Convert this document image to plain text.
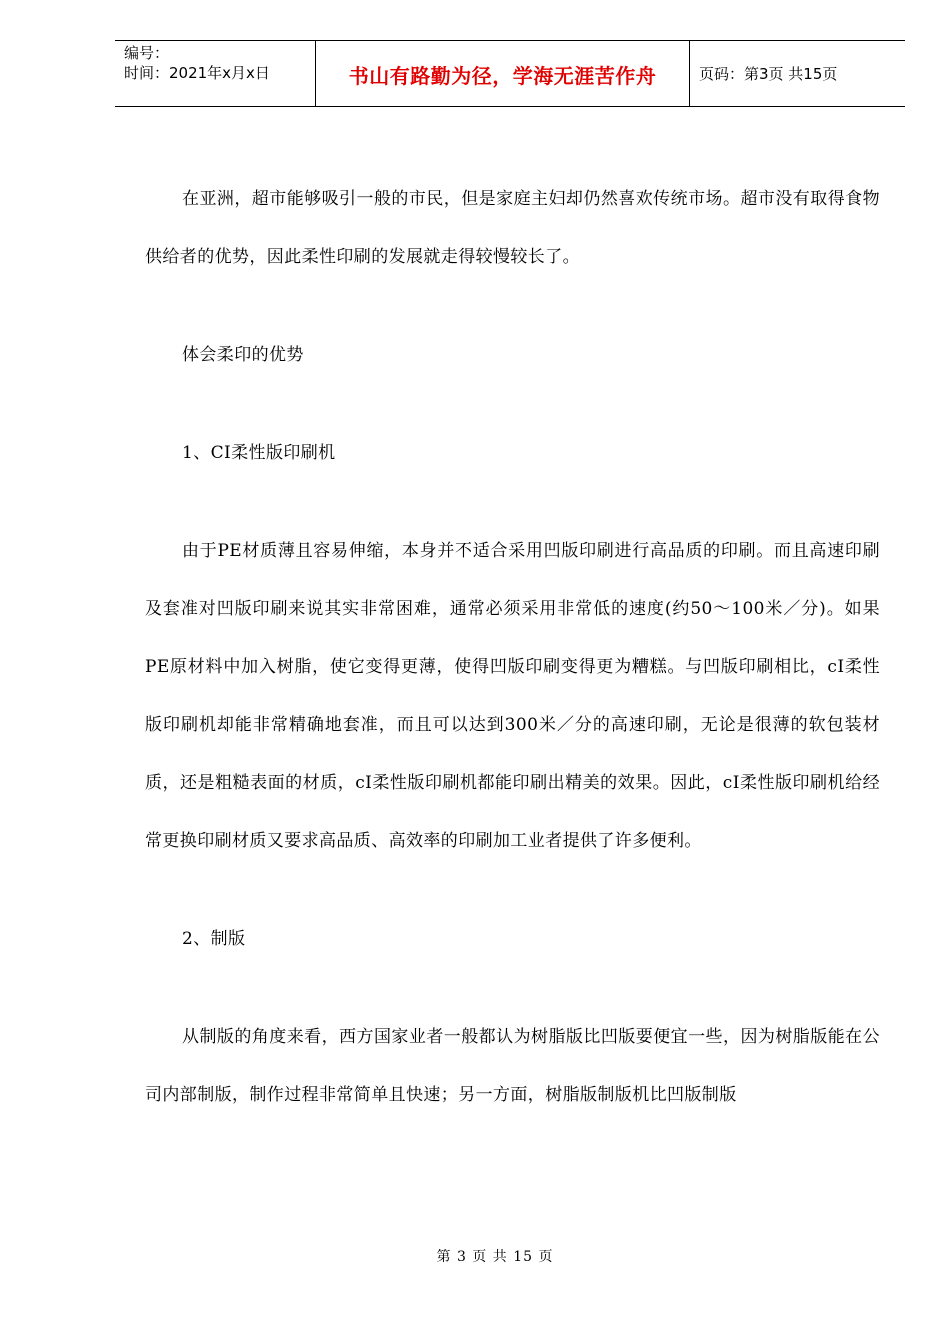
编号：
时间：2021年x月x日	书山有路勤为径，学海无涯苦作舟	页码：第3页 共15页

在亚洲，超市能够吸引一般的市民，但是家庭主妇却仍然喜欢传统市场。超市没有取得食物供给者的优势，因此柔性印刷的发展就走得较慢较长了。

体会柔印的优势

1、CI柔性版印刷机

由于PE材质薄且容易伸缩，本身并不适合采用凹版印刷进行高品质的印刷。而且高速印刷及套准对凹版印刷来说其实非常困难，通常必须采用非常低的速度(约50～100米／分)。如果PE原材料中加入树脂，使它变得更薄，使得凹版印刷变得更为糟糕。与凹版印刷相比，cI柔性版印刷机却能非常精确地套准，而且可以达到300米／分的高速印刷，无论是很薄的软包装材质，还是粗糙表面的材质，cI柔性版印刷机都能印刷出精美的效果。因此，cI柔性版印刷机给经常更换印刷材质又要求高品质、高效率的印刷加工业者提供了许多便利。

2、制版

从制版的角度来看，西方国家业者一般都认为树脂版比凹版要便宜一些，因为树脂版能在公司内部制版，制作过程非常简单且快速；另一方面，树脂版制版机比凹版制版

第 3 页 共 15 页
